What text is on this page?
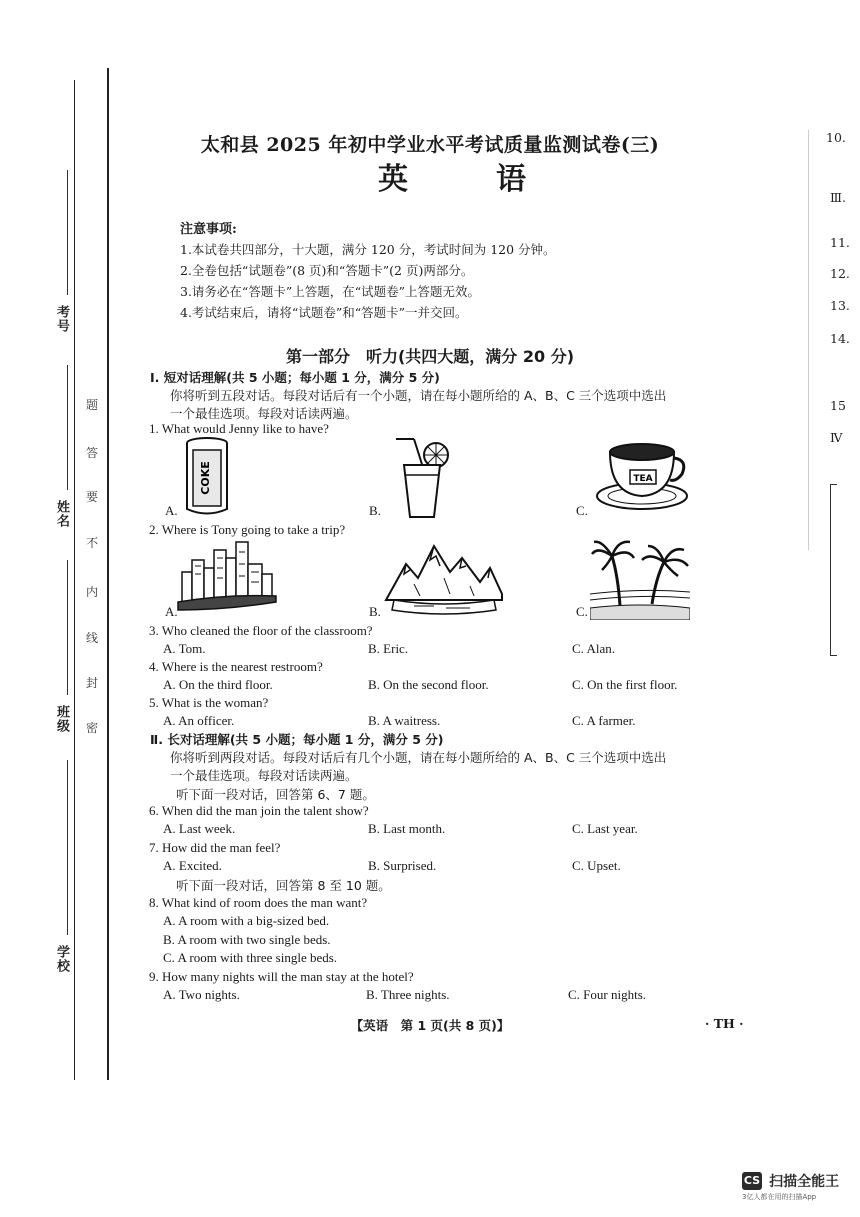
考号
姓名
班级
学校
题
答
要
不
内
线
封
密
太和县 2025 年初中学业水平考试质量监测试卷(三)
英	语
注意事项:
1.本试卷共四部分，十大题，满分 120 分，考试时间为 120 分钟。
2.全卷包括“试题卷”(8 页)和“答题卡”(2 页)两部分。
3.请务必在“答题卡”上答题，在“试题卷”上答题无效。
4.考试结束后，请将“试题卷”和“答题卡”一并交回。
第一部分　听力(共四大题，满分 20 分)
Ⅰ. 短对话理解(共 5 小题；每小题 1 分，满分 5 分)
你将听到五段对话。每段对话后有一个小题，请在每小题所给的 A、B、C 三个选项中选出
一个最佳选项。每段对话读两遍。
1. What would Jenny like to have?
COKE
A.	B.
TEA
C.
2. Where is Tony going to take a trip?
A.	B.	C.
3. Who cleaned the floor of the classroom?
A. Tom.	B. Eric.	C. Alan.
4. Where is the nearest restroom?
A. On the third floor.	B. On the second floor.	C. On the first floor.
5. What is the woman?
A. An officer.	B. A waitress.	C. A farmer.
Ⅱ. 长对话理解(共 5 小题；每小题 1 分，满分 5 分)
你将听到两段对话。每段对话后有几个小题，请在每小题所给的 A、B、C 三个选项中选出
一个最佳选项。每段对话读两遍。
听下面一段对话，回答第 6、7 题。
6. When did the man join the talent show?
A. Last week.	B. Last month.	C. Last year.
7. How did the man feel?
A. Excited.	B. Surprised.	C. Upset.
听下面一段对话，回答第 8 至 10 题。
8. What kind of room does the man want?
A. A room with a big-sized bed.
B. A room with two single beds.
C. A room with three single beds.
9. How many nights will the man stay at the hotel?
A. Two nights.	B. Three nights.	C. Four nights.
【英语　第 1 页(共 8 页)】	· TH ·
10.
Ⅲ.
11.
12.
13.
14.
15
Ⅳ
CS 扫描全能王
3亿人都在用的扫描App
